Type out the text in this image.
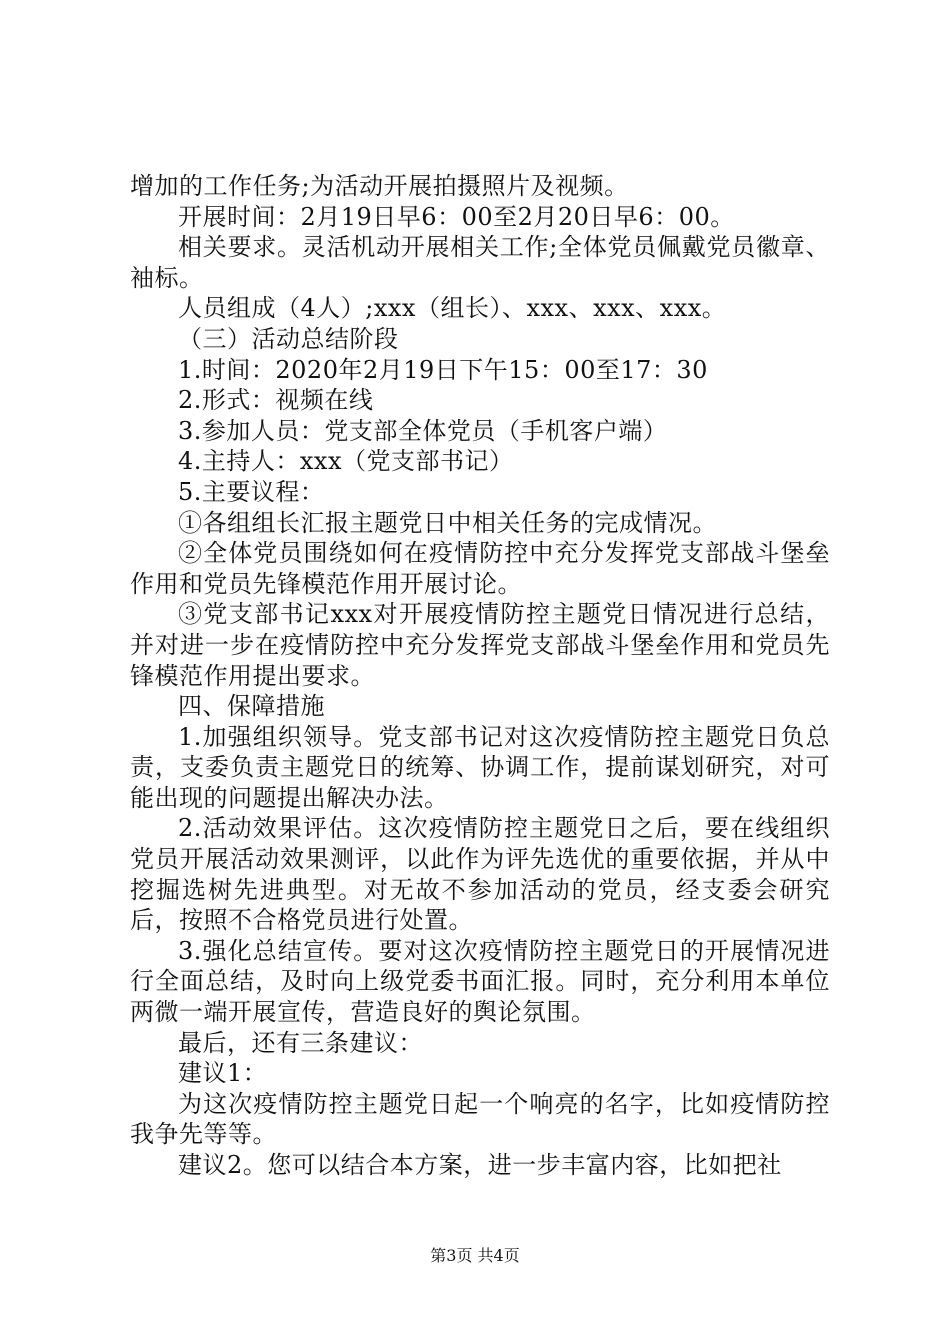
增加的工作任务;为活动开展拍摄照片及视频。

开展时间：2月19日早6：00至2月20日早6：00。

相关要求。灵活机动开展相关工作;全体党员佩戴党员徽章、袖标。

人员组成（4人）;xxx（组长）、xxx、xxx、xxx。

（三）活动总结阶段

1.时间：2020年2月19日下午15：00至17：30

2.形式：视频在线

3.参加人员：党支部全体党员（手机客户端）

4.主持人：xxx（党支部书记）

5.主要议程：

①各组组长汇报主题党日中相关任务的完成情况。

②全体党员围绕如何在疫情防控中充分发挥党支部战斗堡垒作用和党员先锋模范作用开展讨论。

③党支部书记xxx对开展疫情防控主题党日情况进行总结，并对进一步在疫情防控中充分发挥党支部战斗堡垒作用和党员先锋模范作用提出要求。

四、保障措施

1.加强组织领导。党支部书记对这次疫情防控主题党日负总责，支委负责主题党日的统筹、协调工作，提前谋划研究，对可能出现的问题提出解决办法。

2.活动效果评估。这次疫情防控主题党日之后，要在线组织党员开展活动效果测评，以此作为评先选优的重要依据，并从中挖掘选树先进典型。对无故不参加活动的党员，经支委会研究后，按照不合格党员进行处置。

3.强化总结宣传。要对这次疫情防控主题党日的开展情况进行全面总结，及时向上级党委书面汇报。同时，充分利用本单位两微一端开展宣传，营造良好的舆论氛围。

最后，还有三条建议：

建议1：

为这次疫情防控主题党日起一个响亮的名字，比如疫情防控我争先等等。

建议2。您可以结合本方案，进一步丰富内容，比如把社

第3页 共4页
